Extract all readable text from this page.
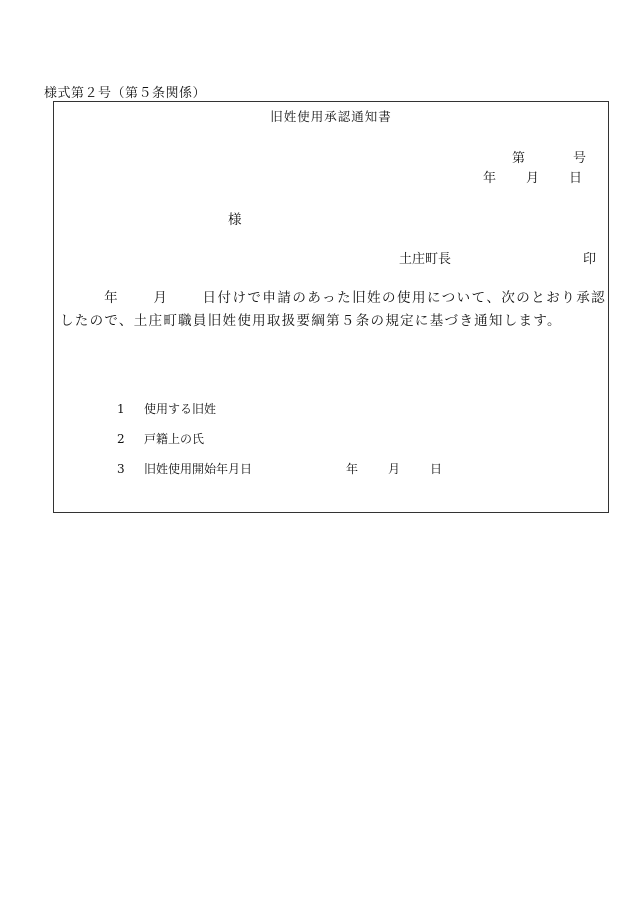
様式第２号（第５条関係）
旧姓使用承認通知書
第	号
年 月 日
様
土庄町長	印
年	月	日付けで申請のあった旧姓の使用について、次のとおり承認したので、土庄町職員旧姓使用取扱要綱第５条の規定に基づき通知します。
1 使用する旧姓
2 戸籍上の氏
3 旧姓使用開始年月日	年	月	日
